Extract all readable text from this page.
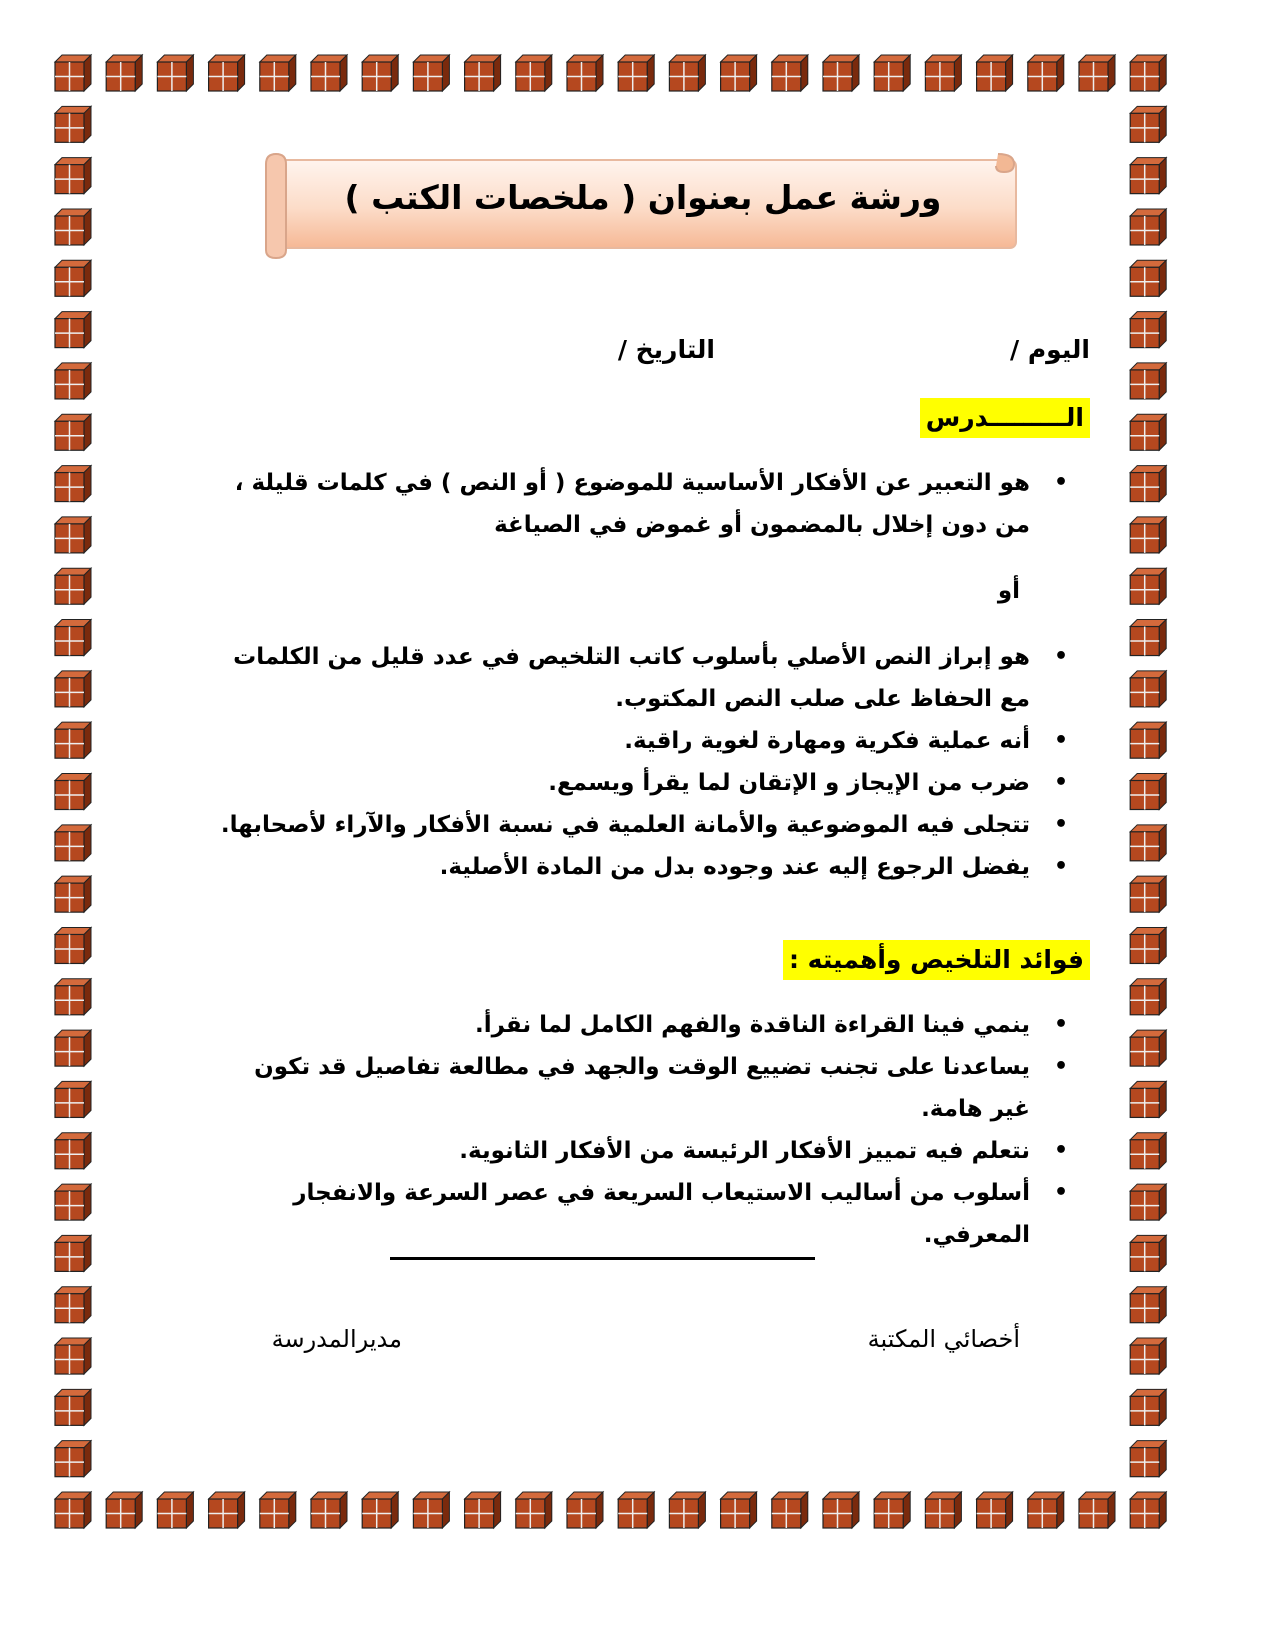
ورشة عمل بعنوان ( ملخصات الكتب )
اليوم /
التاريخ /
الـــــــــدرس
•
هو التعبير عن الأفكار الأساسية للموضوع ( أو النص ) في كلمات قليلة ، من دون إخلال بالمضمون أو غموض في الصياغة
أو
•
هو إبراز النص الأصلي بأسلوب كاتب التلخيص في عدد قليل من الكلمات مع الحفاظ على صلب النص المكتوب.
•
أنه عملية فكرية ومهارة لغوية راقية.
•
ضرب من الإيجاز و الإتقان لما يقرأ ويسمع.
•
تتجلى فيه الموضوعية والأمانة العلمية في نسبة الأفكار والآراء لأصحابها.
•
يفضل الرجوع إليه عند وجوده بدل من المادة الأصلية.
فوائد التلخيص وأهميته :
•
ينمي فينا القراءة الناقدة والفهم الكامل لما نقرأ.
•
يساعدنا على تجنب تضييع الوقت والجهد في مطالعة تفاصيل قد تكون غير هامة.
•
نتعلم فيه تمييز الأفكار الرئيسة من الأفكار الثانوية.
•
أسلوب من أساليب الاستيعاب السريعة في عصر السرعة والانفجار المعرفي.
أخصائي المكتبة
مديرالمدرسة
